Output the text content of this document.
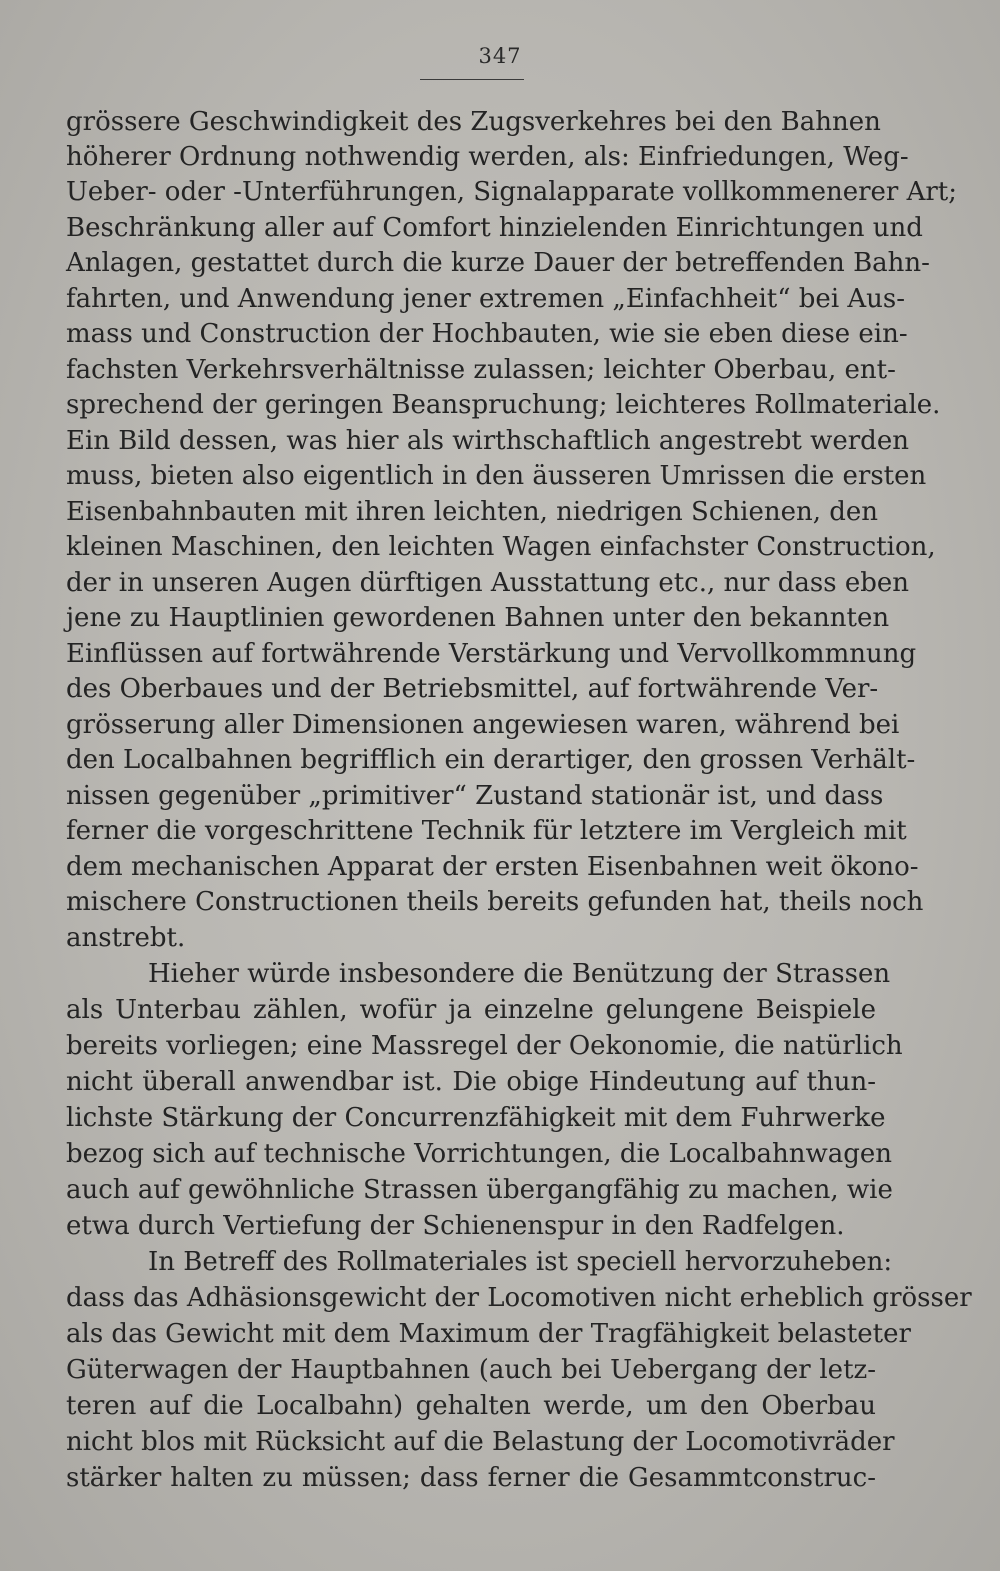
347
grössere Geschwindigkeit des Zugsverkehres bei den Bahnen
höherer Ordnung nothwendig werden, als: Einfriedungen, Weg-
Ueber- oder -Unterführungen, Signalapparate vollkommenerer Art;
Beschränkung aller auf Comfort hinzielenden Einrichtungen und
Anlagen, gestattet durch die kurze Dauer der betreffenden Bahn-
fahrten, und Anwendung jener extremen „Einfachheit“ bei Aus-
mass und Construction der Hochbauten, wie sie eben diese ein-
fachsten Verkehrsverhältnisse zulassen; leichter Oberbau, ent-
sprechend der geringen Beanspruchung; leichteres Rollmateriale.
Ein Bild dessen, was hier als wirthschaftlich angestrebt werden
muss, bieten also eigentlich in den äusseren Umrissen die ersten
Eisenbahnbauten mit ihren leichten, niedrigen Schienen, den
kleinen Maschinen, den leichten Wagen einfachster Construction,
der in unseren Augen dürftigen Ausstattung etc., nur dass eben
jene zu Hauptlinien gewordenen Bahnen unter den bekannten
Einflüssen auf fortwährende Verstärkung und Vervollkommnung
des Oberbaues und der Betriebsmittel, auf fortwährende Ver-
grösserung aller Dimensionen angewiesen waren, während bei
den Localbahnen begrifflich ein derartiger, den grossen Verhält-
nissen gegenüber „primitiver“ Zustand stationär ist, und dass
ferner die vorgeschrittene Technik für letztere im Vergleich mit
dem mechanischen Apparat der ersten Eisenbahnen weit ökono-
mischere Constructionen theils bereits gefunden hat, theils noch
anstrebt.
Hieher würde insbesondere die Benützung der Strassen
als Unterbau zählen, wofür ja einzelne gelungene Beispiele
bereits vorliegen; eine Massregel der Oekonomie, die natürlich
nicht überall anwendbar ist. Die obige Hindeutung auf thun-
lichste Stärkung der Concurrenzfähigkeit mit dem Fuhrwerke
bezog sich auf technische Vorrichtungen, die Localbahnwagen
auch auf gewöhnliche Strassen übergangfähig zu machen, wie
etwa durch Vertiefung der Schienenspur in den Radfelgen.
In Betreff des Rollmateriales ist speciell hervorzuheben:
dass das Adhäsionsgewicht der Locomotiven nicht erheblich grösser
als das Gewicht mit dem Maximum der Tragfähigkeit belasteter
Güterwagen der Hauptbahnen (auch bei Uebergang der letz-
teren auf die Localbahn) gehalten werde, um den Oberbau
nicht blos mit Rücksicht auf die Belastung der Locomotivräder
stärker halten zu müssen; dass ferner die Gesammtconstruc-
